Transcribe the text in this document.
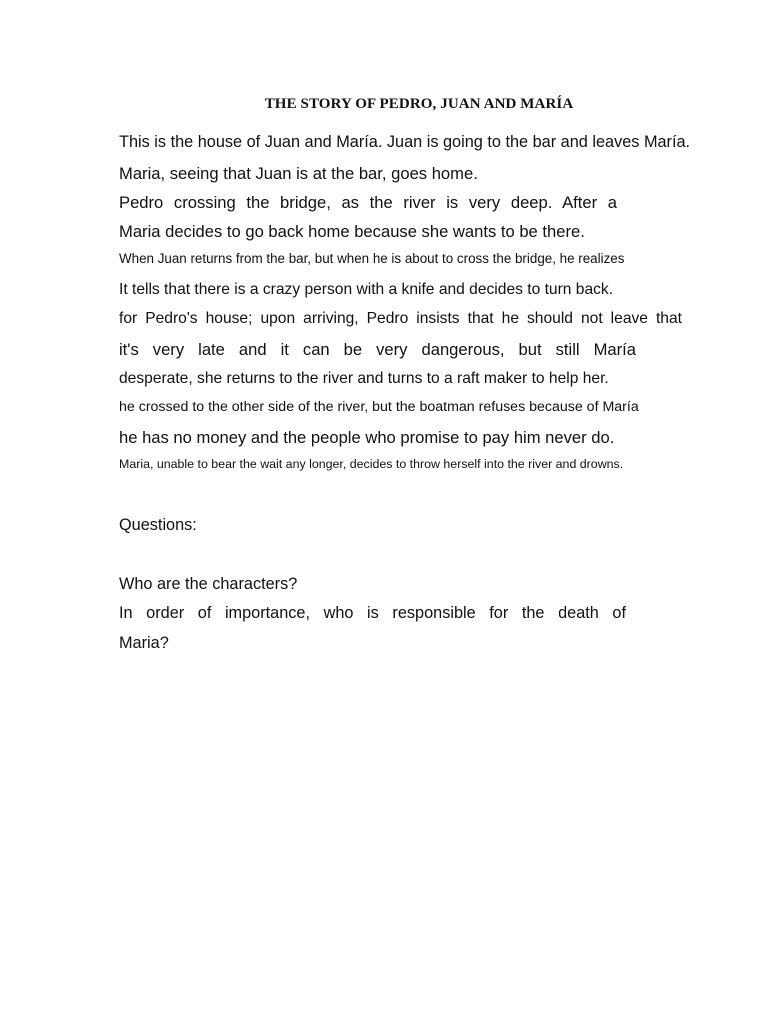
THE STORY OF PEDRO, JUAN AND MARÍA
This is the house of Juan and María. Juan is going to the bar and leaves María.
Maria, seeing that Juan is at the bar, goes home.
Pedro crossing the bridge, as the river is very deep. After a
Maria decides to go back home because she wants to be there.
When Juan returns from the bar, but when he is about to cross the bridge, he realizes
It tells that there is a crazy person with a knife and decides to turn back.
for Pedro's house; upon arriving, Pedro insists that he should not leave that
it's very late and it can be very dangerous, but still María
desperate, she returns to the river and turns to a raft maker to help her.
he crossed to the other side of the river, but the boatman refuses because of María
he has no money and the people who promise to pay him never do.
Maria, unable to bear the wait any longer, decides to throw herself into the river and drowns.
Questions:
Who are the characters?
In order of importance, who is responsible for the death of
Maria?
